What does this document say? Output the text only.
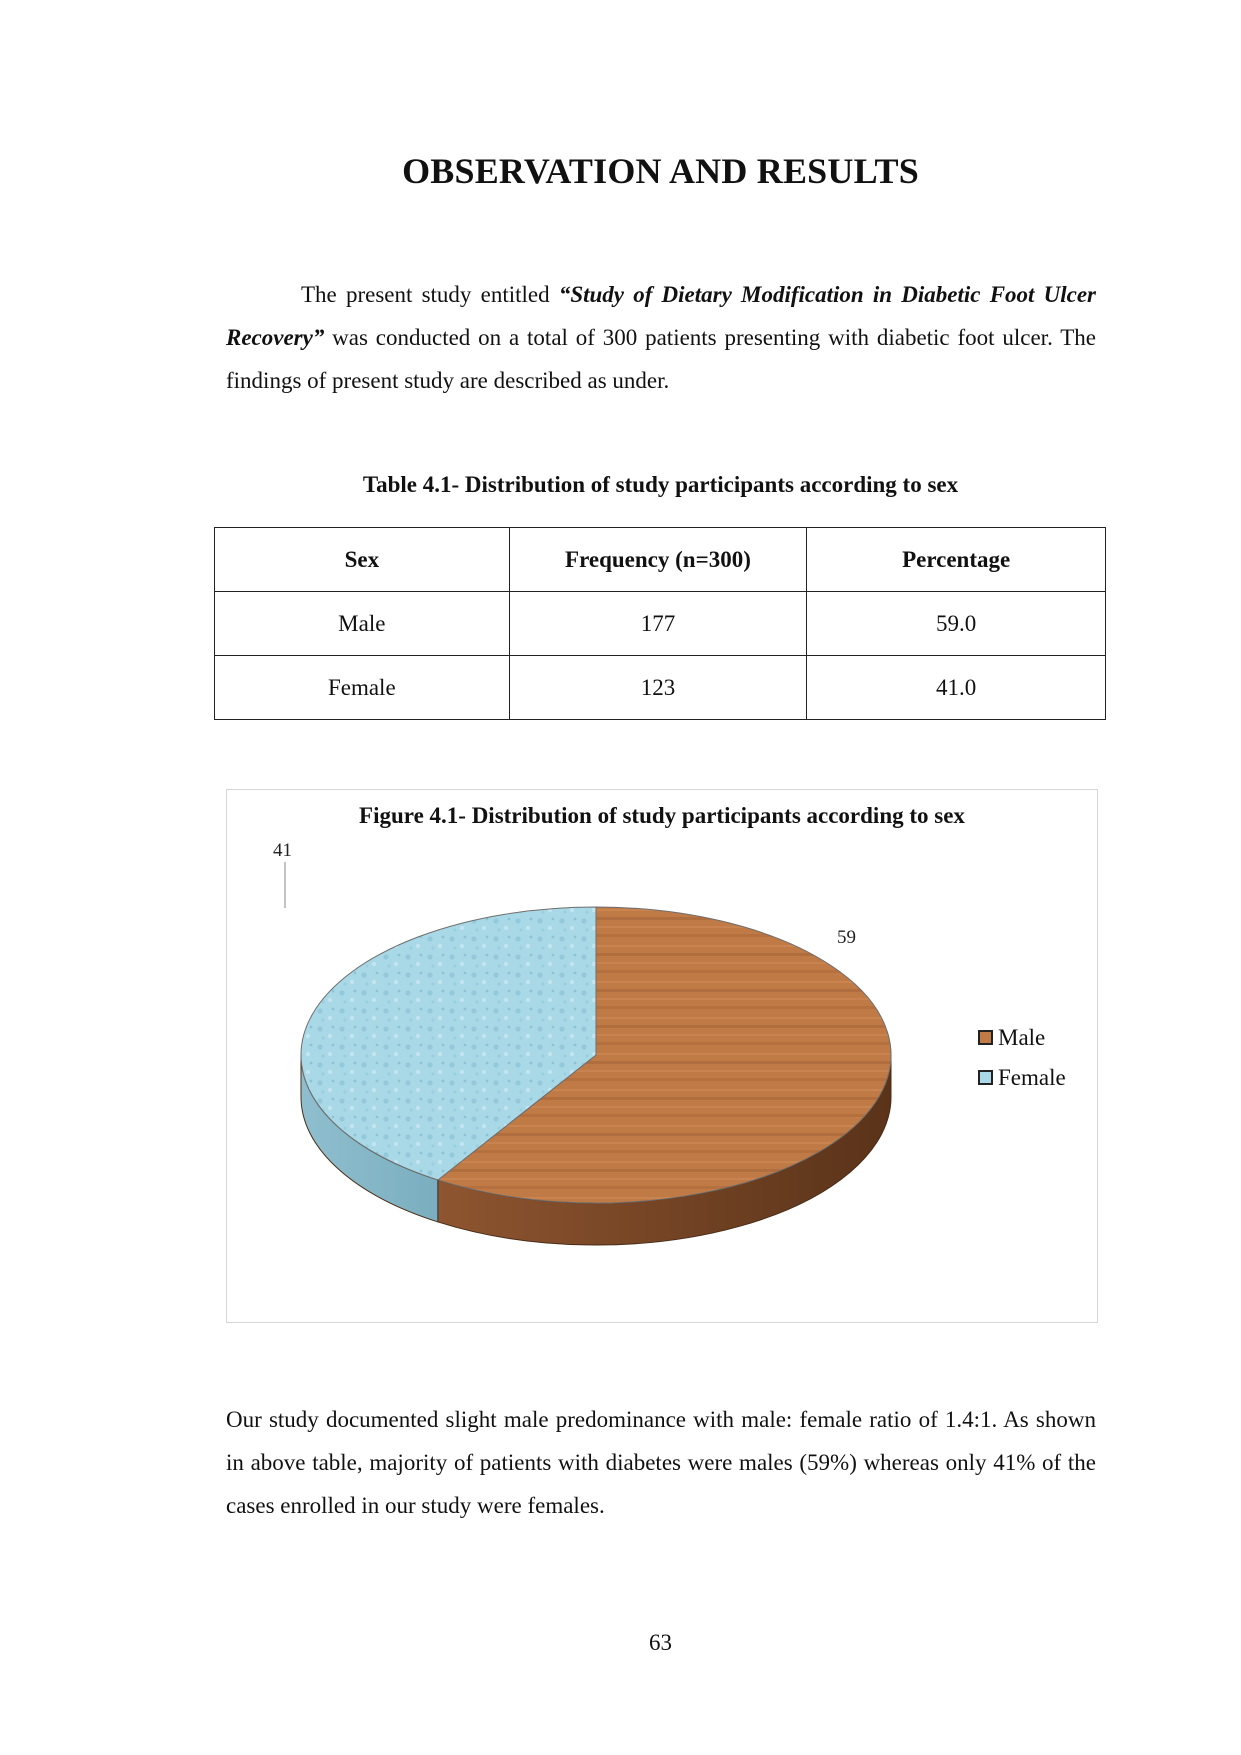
OBSERVATION AND RESULTS

The present study entitled “Study of Dietary Modification in Diabetic Foot Ulcer Recovery” was conducted on a total of 300 patients presenting with diabetic foot ulcer. The findings of present study are described as under.

Table 4.1- Distribution of study participants according to sex

Sex	Frequency (n=300)	Percentage
Male	177	59.0
Female	123	41.0

Figure 4.1- Distribution of study participants according to sex

59
41
Male
Female

Our study documented slight male predominance with male: female ratio of 1.4:1. As shown in above table, majority of patients with diabetes were males (59%) whereas only 41% of the cases enrolled in our study were females.

63
